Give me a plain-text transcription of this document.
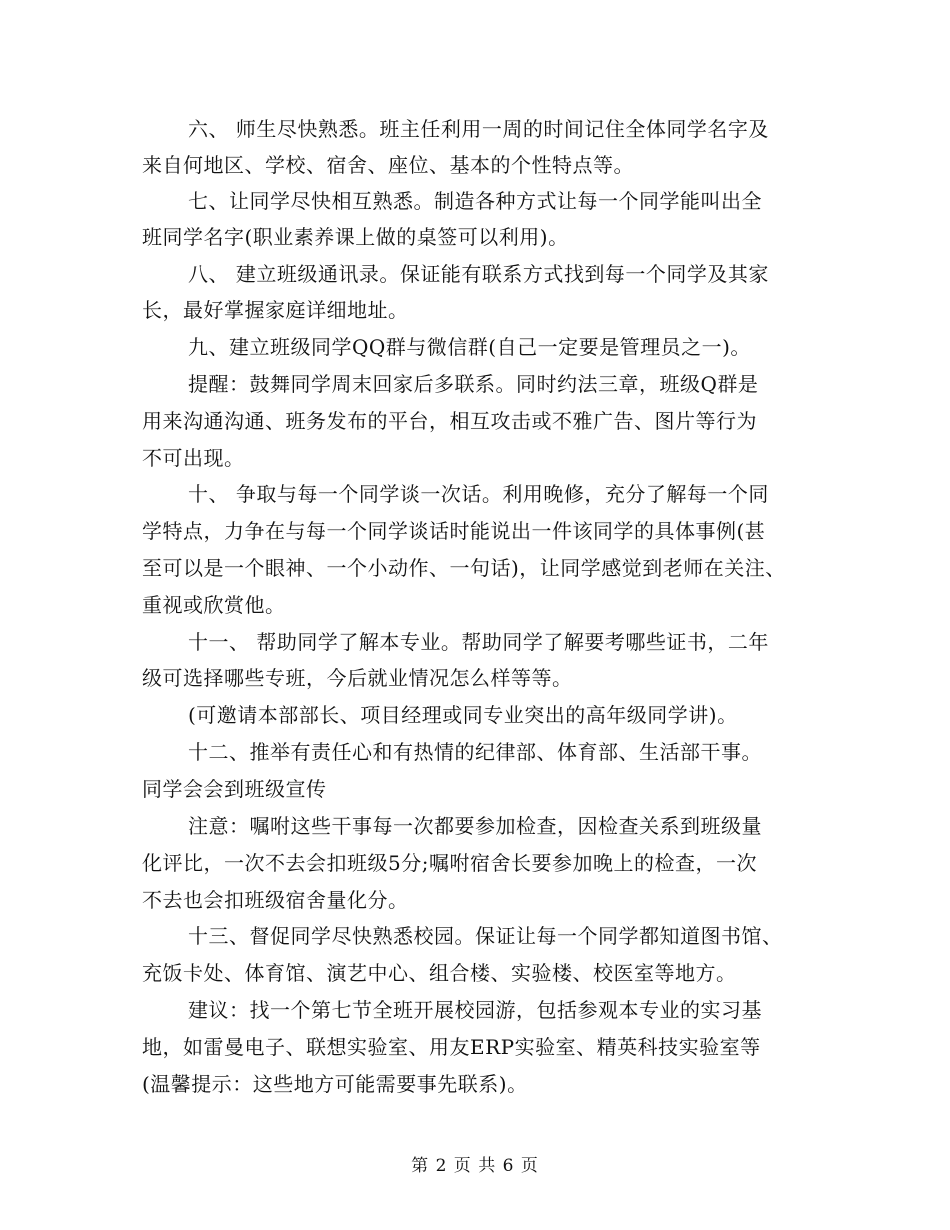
六、 师生尽快熟悉。班主任利用一周的时间记住全体同学名字及
来自何地区、学校、宿舍、座位、基本的个性特点等。
七、让同学尽快相互熟悉。制造各种方式让每一个同学能叫出全
班同学名字(职业素养课上做的桌签可以利用)。
八、 建立班级通讯录。保证能有联系方式找到每一个同学及其家
长，最好掌握家庭详细地址。
九、建立班级同学QQ群与微信群(自己一定要是管理员之一)。
提醒：鼓舞同学周末回家后多联系。同时约法三章，班级Q群是
用来沟通沟通、班务发布的平台，相互攻击或不雅广告、图片等行为
不可出现。
十、 争取与每一个同学谈一次话。利用晚修，充分了解每一个同
学特点，力争在与每一个同学谈话时能说出一件该同学的具体事例(甚
至可以是一个眼神、一个小动作、一句话)，让同学感觉到老师在关注、
重视或欣赏他。
十一、 帮助同学了解本专业。帮助同学了解要考哪些证书，二年
级可选择哪些专班，今后就业情况怎么样等等。
(可邀请本部部长、项目经理或同专业突出的高年级同学讲)。
十二、推举有责任心和有热情的纪律部、体育部、生活部干事。
同学会会到班级宣传
注意：嘱咐这些干事每一次都要参加检查，因检查关系到班级量
化评比，一次不去会扣班级5分;嘱咐宿舍长要参加晚上的检查，一次
不去也会扣班级宿舍量化分。
十三、督促同学尽快熟悉校园。保证让每一个同学都知道图书馆、
充饭卡处、体育馆、演艺中心、组合楼、实验楼、校医室等地方。
建议：找一个第七节全班开展校园游，包括参观本专业的实习基
地，如雷曼电子、联想实验室、用友ERP实验室、精英科技实验室等
(温馨提示：这些地方可能需要事先联系)。
第 2 页 共 6 页
